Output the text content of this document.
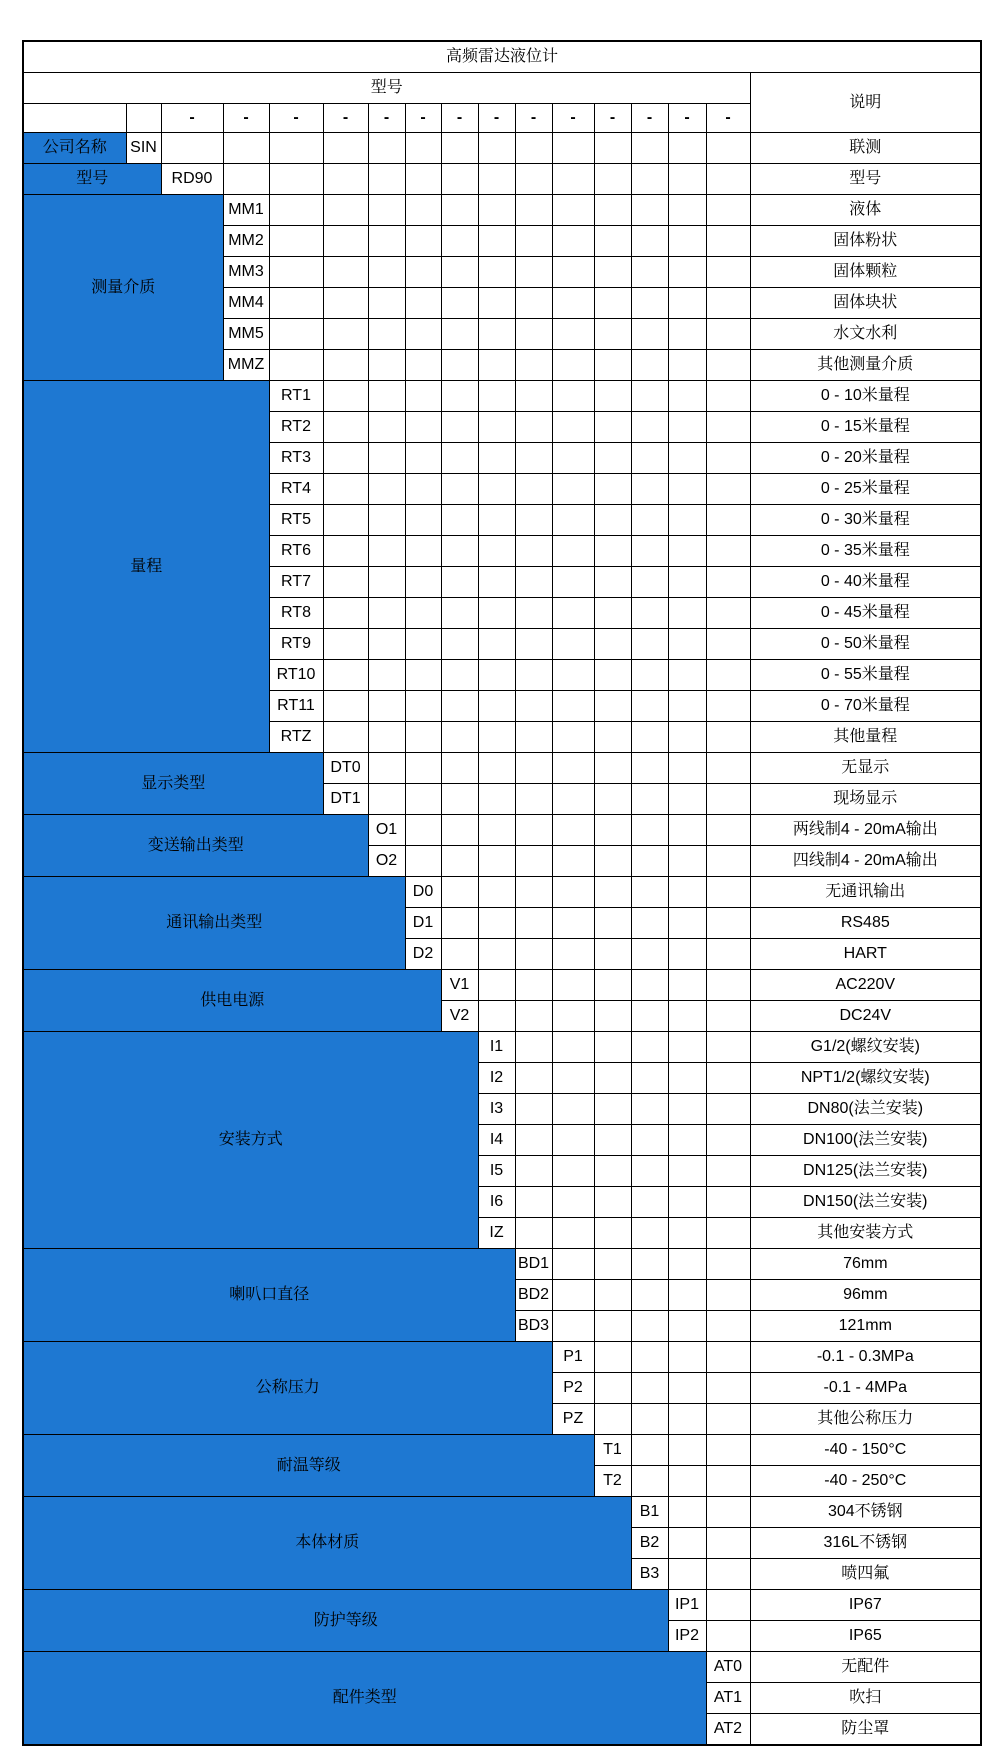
高频雷达液位计																
型号																说明
		-	-	-	-	-	-	-	-	-	-	-	-	-	-	
公司名称	SIN															联测
型号		RD90														型号
测量介质			MM1													液体
			MM2													固体粉状
			MM3													固体颗粒
			MM4													固体块状
			MM5													水文水利
			MMZ													其他测量介质
量程				RT1												0 - 10米量程
				RT2												0 - 15米量程
				RT3												0 - 20米量程
				RT4												0 - 25米量程
				RT5												0 - 30米量程
				RT6												0 - 35米量程
				RT7												0 - 40米量程
				RT8												0 - 45米量程
				RT9												0 - 50米量程
				RT10												0 - 55米量程
				RT11												0 - 70米量程
				RTZ												其他量程
显示类型					DT0											无显示
					DT1											现场显示
变送输出类型						O1										两线制4 - 20mA输出
						O2										四线制4 - 20mA输出
通讯输出类型							D0									无通讯输出
							D1									RS485
							D2									HART
供电电源								V1								AC220V
								V2								DC24V
安装方式									I1							G1/2(螺纹安装)
									I2							NPT1/2(螺纹安装)
									I3							DN80(法兰安装)
									I4							DN100(法兰安装)
									I5							DN125(法兰安装)
									I6							DN150(法兰安装)
									IZ							其他安装方式
喇叭口直径										BD1						76mm
										BD2						96mm
										BD3						121mm
公称压力											P1					-0.1 - 0.3MPa
											P2					-0.1 - 4MPa
											PZ					其他公称压力
耐温等级												T1				-40 - 150°C
												T2				-40 - 250°C
本体材质													B1			304不锈钢
													B2			316L不锈钢
													B3			喷四氟
防护等级														IP1		IP67
														IP2		IP65
配件类型															AT0	无配件
															AT1	吹扫
															AT2	防尘罩
